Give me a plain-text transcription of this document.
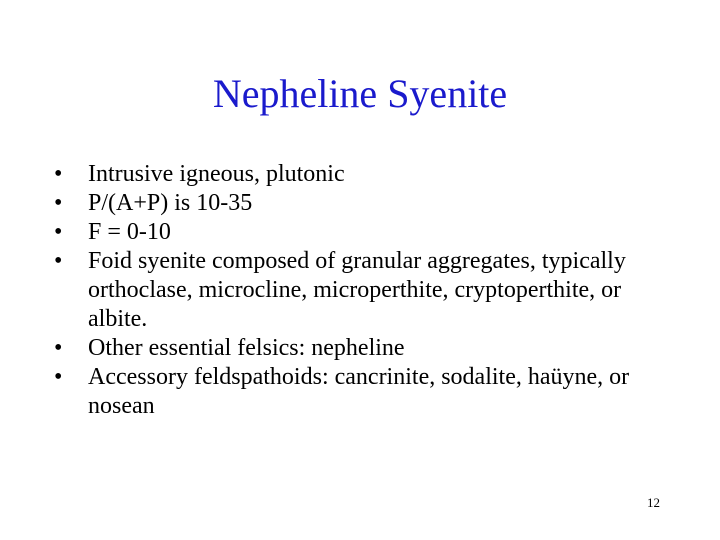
Nepheline Syenite
•	Intrusive igneous, plutonic
•	P/(A+P) is 10-35
•	F = 0-10
•	Foid syenite composed of granular aggregates, typically orthoclase, microcline, microperthite, cryptoperthite, or albite.
•	Other essential felsics: nepheline
•	Accessory feldspathoids: cancrinite, sodalite, haüyne, or nosean
12
